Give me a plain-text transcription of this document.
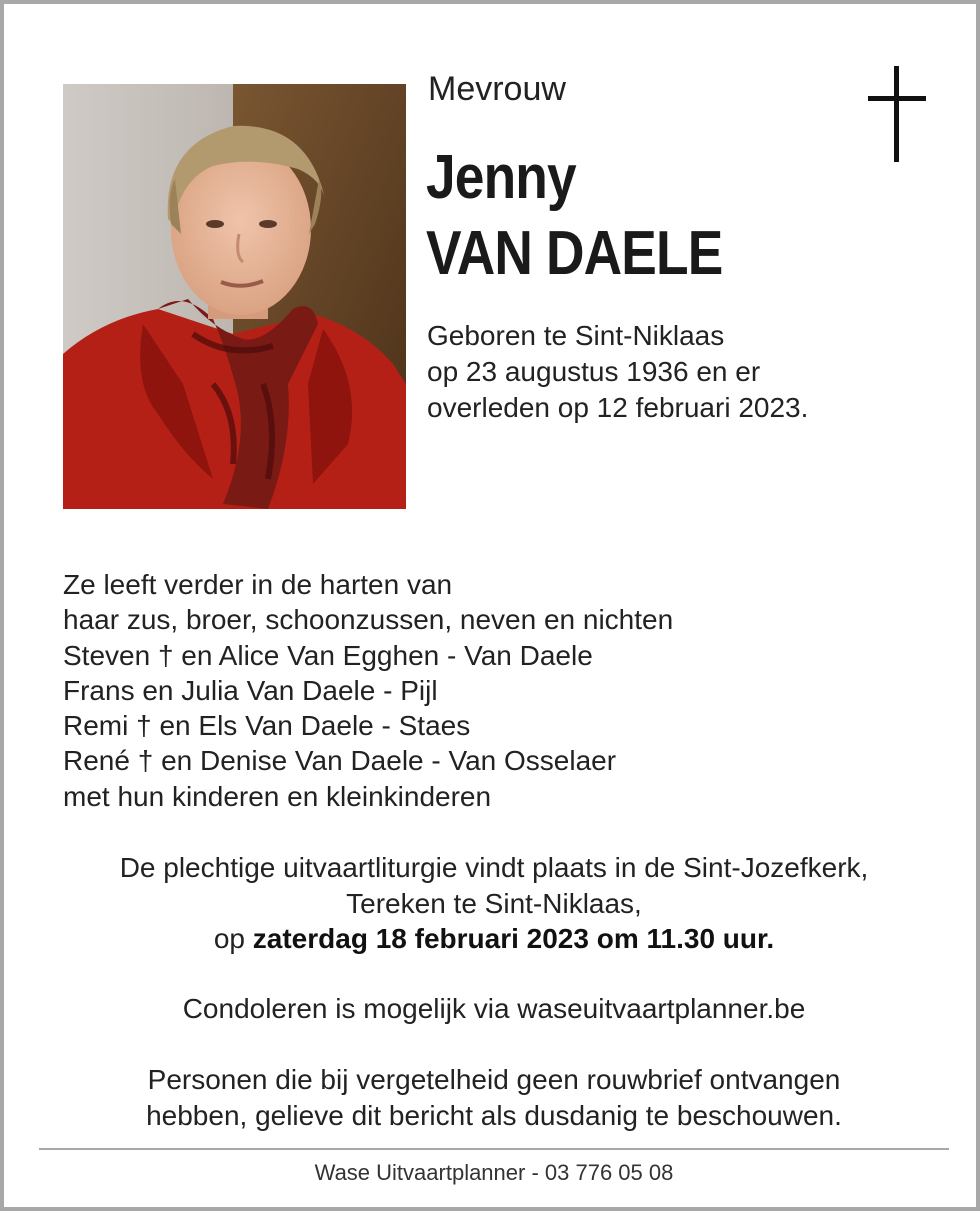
Mevrouw
Jenny
VAN DAELE
Geboren te Sint-Niklaas
op 23 augustus 1936 en er
overleden op 12 februari 2023.
Ze leeft verder in de harten van
haar zus, broer, schoonzussen, neven en nichten
Steven † en Alice Van Egghen - Van Daele
Frans en Julia Van Daele - Pijl
Remi † en Els Van Daele - Staes
René † en Denise Van Daele - Van Osselaer
met hun kinderen en kleinkinderen
De plechtige uitvaartliturgie vindt plaats in de Sint-Jozefkerk,
Tereken te Sint-Niklaas,
op zaterdag 18 februari 2023 om 11.30 uur.
Condoleren is mogelijk via waseuitvaartplanner.be
Personen die bij vergetelheid geen rouwbrief ontvangen
hebben, gelieve dit bericht als dusdanig te beschouwen.
Wase Uitvaartplanner - 03 776 05 08
